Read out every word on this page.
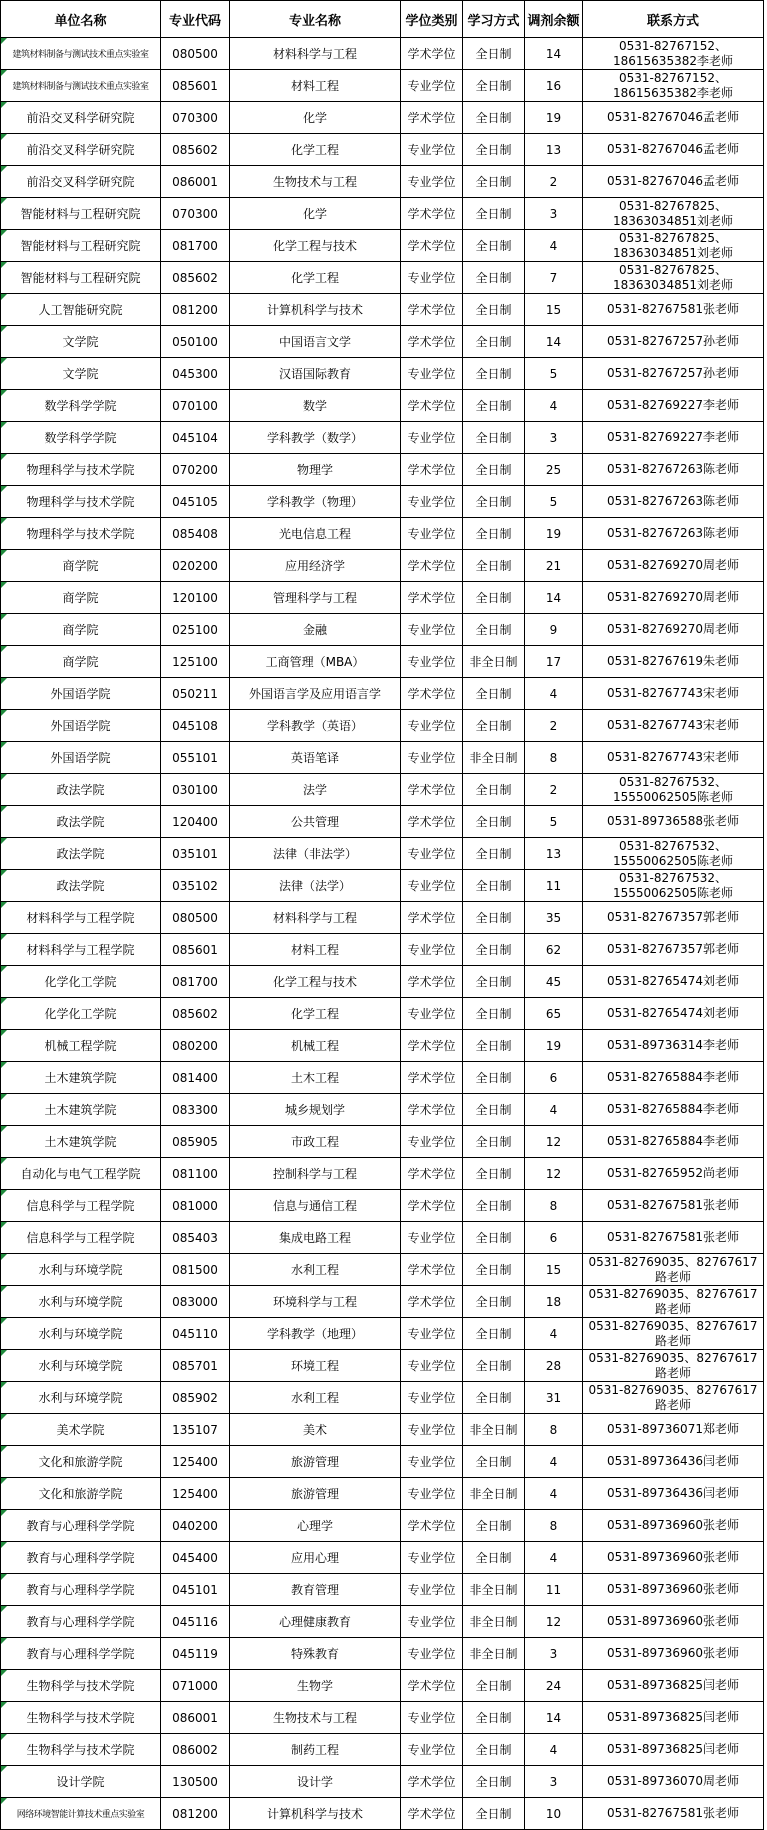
单位名称	专业代码	专业名称	学位类别	学习方式	调剂余额	联系方式
建筑材料制备与测试技术重点实验室	080500	材料科学与工程	学术学位	全日制	14	0531-82767152、18615635382李老师
建筑材料制备与测试技术重点实验室	085601	材料工程	专业学位	全日制	16	0531-82767152、18615635382李老师
前沿交叉科学研究院	070300	化学	学术学位	全日制	19	0531-82767046孟老师
前沿交叉科学研究院	085602	化学工程	专业学位	全日制	13	0531-82767046孟老师
前沿交叉科学研究院	086001	生物技术与工程	专业学位	全日制	2	0531-82767046孟老师
智能材料与工程研究院	070300	化学	学术学位	全日制	3	0531-82767825、18363034851刘老师
智能材料与工程研究院	081700	化学工程与技术	学术学位	全日制	4	0531-82767825、18363034851刘老师
智能材料与工程研究院	085602	化学工程	专业学位	全日制	7	0531-82767825、18363034851刘老师
人工智能研究院	081200	计算机科学与技术	学术学位	全日制	15	0531-82767581张老师
文学院	050100	中国语言文学	学术学位	全日制	14	0531-82767257孙老师
文学院	045300	汉语国际教育	专业学位	全日制	5	0531-82767257孙老师
数学科学学院	070100	数学	学术学位	全日制	4	0531-82769227李老师
数学科学学院	045104	学科教学（数学）	专业学位	全日制	3	0531-82769227李老师
物理科学与技术学院	070200	物理学	学术学位	全日制	25	0531-82767263陈老师
物理科学与技术学院	045105	学科教学（物理）	专业学位	全日制	5	0531-82767263陈老师
物理科学与技术学院	085408	光电信息工程	专业学位	全日制	19	0531-82767263陈老师
商学院	020200	应用经济学	学术学位	全日制	21	0531-82769270周老师
商学院	120100	管理科学与工程	学术学位	全日制	14	0531-82769270周老师
商学院	025100	金融	专业学位	全日制	9	0531-82769270周老师
商学院	125100	工商管理（MBA）	专业学位	非全日制	17	0531-82767619朱老师
外国语学院	050211	外国语言学及应用语言学	学术学位	全日制	4	0531-82767743宋老师
外国语学院	045108	学科教学（英语）	专业学位	全日制	2	0531-82767743宋老师
外国语学院	055101	英语笔译	专业学位	非全日制	8	0531-82767743宋老师
政法学院	030100	法学	学术学位	全日制	2	0531-82767532、15550062505陈老师
政法学院	120400	公共管理	学术学位	全日制	5	0531-89736588张老师
政法学院	035101	法律（非法学）	专业学位	全日制	13	0531-82767532、15550062505陈老师
政法学院	035102	法律（法学）	专业学位	全日制	11	0531-82767532、15550062505陈老师
材料科学与工程学院	080500	材料科学与工程	学术学位	全日制	35	0531-82767357郭老师
材料科学与工程学院	085601	材料工程	专业学位	全日制	62	0531-82767357郭老师
化学化工学院	081700	化学工程与技术	学术学位	全日制	45	0531-82765474刘老师
化学化工学院	085602	化学工程	专业学位	全日制	65	0531-82765474刘老师
机械工程学院	080200	机械工程	学术学位	全日制	19	0531-89736314李老师
土木建筑学院	081400	土木工程	学术学位	全日制	6	0531-82765884李老师
土木建筑学院	083300	城乡规划学	学术学位	全日制	4	0531-82765884李老师
土木建筑学院	085905	市政工程	专业学位	全日制	12	0531-82765884李老师
自动化与电气工程学院	081100	控制科学与工程	学术学位	全日制	12	0531-82765952尚老师
信息科学与工程学院	081000	信息与通信工程	学术学位	全日制	8	0531-82767581张老师
信息科学与工程学院	085403	集成电路工程	专业学位	全日制	6	0531-82767581张老师
水利与环境学院	081500	水利工程	学术学位	全日制	15	0531-82769035、82767617路老师
水利与环境学院	083000	环境科学与工程	学术学位	全日制	18	0531-82769035、82767617路老师
水利与环境学院	045110	学科教学（地理）	专业学位	全日制	4	0531-82769035、82767617路老师
水利与环境学院	085701	环境工程	专业学位	全日制	28	0531-82769035、82767617路老师
水利与环境学院	085902	水利工程	专业学位	全日制	31	0531-82769035、82767617路老师
美术学院	135107	美术	专业学位	非全日制	8	0531-89736071郑老师
文化和旅游学院	125400	旅游管理	专业学位	全日制	4	0531-89736436闫老师
文化和旅游学院	125400	旅游管理	专业学位	非全日制	4	0531-89736436闫老师
教育与心理科学学院	040200	心理学	学术学位	全日制	8	0531-89736960张老师
教育与心理科学学院	045400	应用心理	专业学位	全日制	4	0531-89736960张老师
教育与心理科学学院	045101	教育管理	专业学位	非全日制	11	0531-89736960张老师
教育与心理科学学院	045116	心理健康教育	专业学位	非全日制	12	0531-89736960张老师
教育与心理科学学院	045119	特殊教育	专业学位	非全日制	3	0531-89736960张老师
生物科学与技术学院	071000	生物学	学术学位	全日制	24	0531-89736825闫老师
生物科学与技术学院	086001	生物技术与工程	专业学位	全日制	14	0531-89736825闫老师
生物科学与技术学院	086002	制药工程	专业学位	全日制	4	0531-89736825闫老师
设计学院	130500	设计学	学术学位	全日制	3	0531-89736070周老师
网络环境智能计算技术重点实验室	081200	计算机科学与技术	学术学位	全日制	10	0531-82767581张老师
